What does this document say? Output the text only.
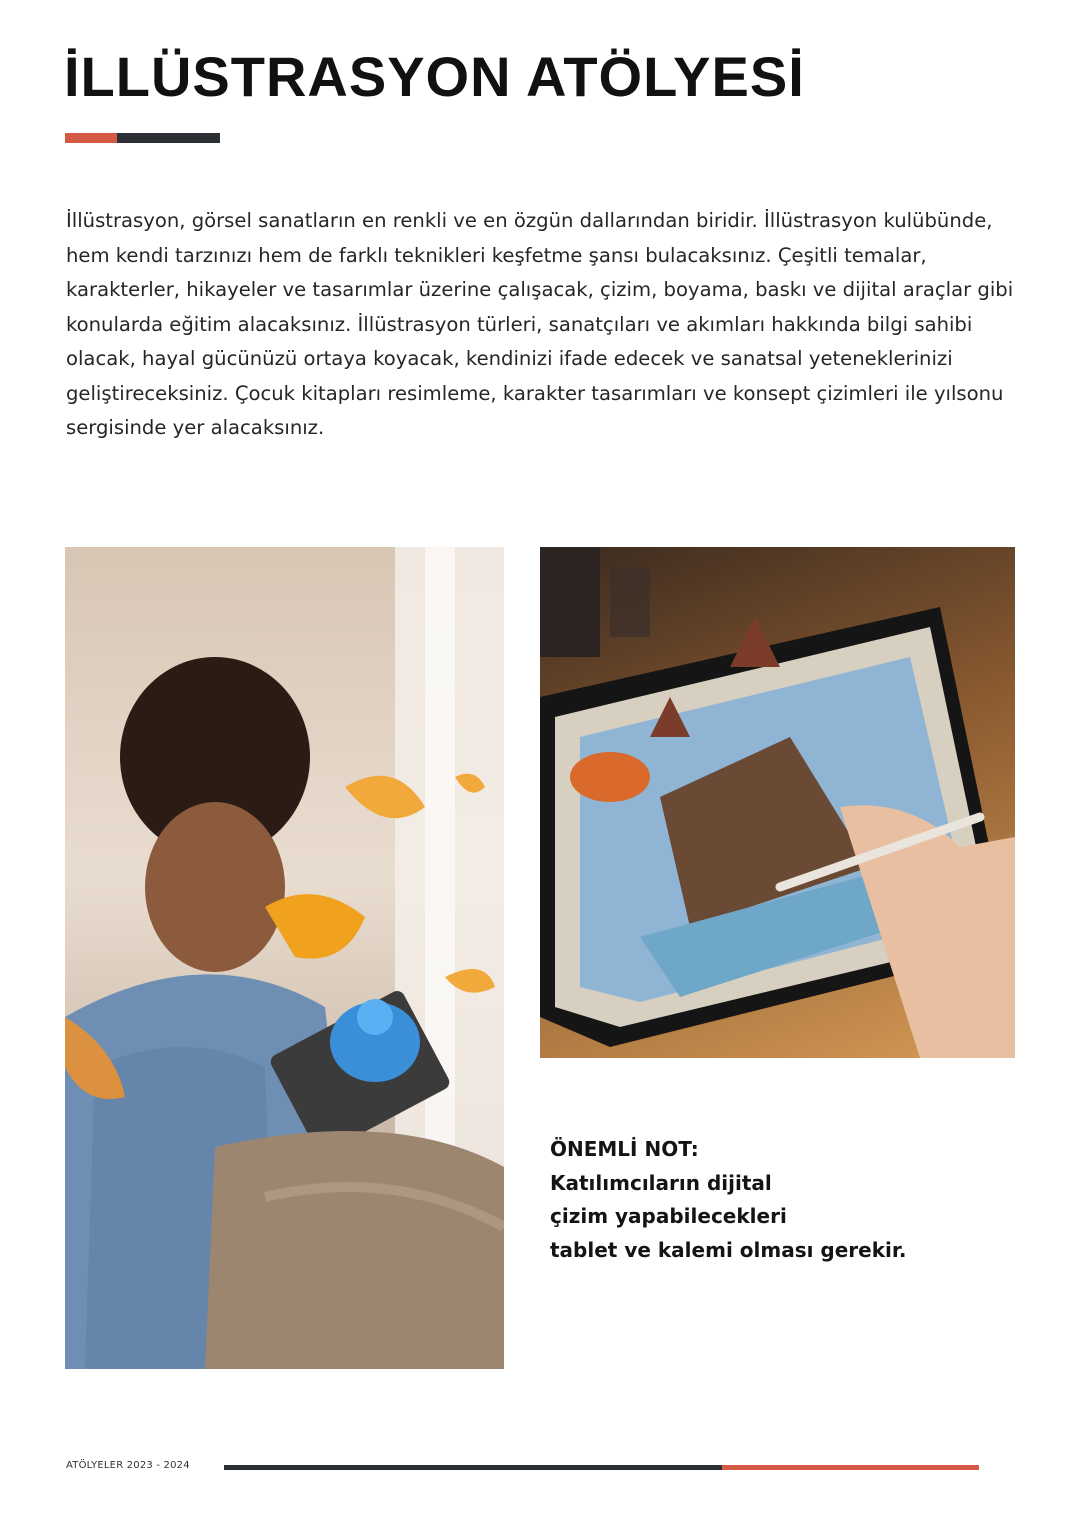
İLLÜSTRASYON ATÖLYESİ

İllüstrasyon, görsel sanatların en renkli ve en özgün dallarından biridir. İllüstrasyon kulübünde, hem kendi tarzınızı hem de farklı teknikleri keşfetme şansı bulacaksınız. Çeşitli temalar, karakterler, hikayeler ve tasarımlar üzerine çalışacak, çizim, boyama, baskı ve dijital araçlar gibi konularda eğitim alacaksınız. İllüstrasyon türleri, sanatçıları ve akımları hakkında bilgi sahibi olacak, hayal gücünüzü ortaya koyacak, kendinizi ifade edecek ve sanatsal yeteneklerinizi geliştireceksiniz. Çocuk kitapları resimleme, karakter tasarımları ve konsept çizimleri ile yılsonu sergisinde yer alacaksınız.

ÖNEMLİ NOT:
Katılımcıların dijital
çizim yapabilecekleri
tablet ve kalemi olması gerekir.
ATÖLYELER 2023 - 2024
